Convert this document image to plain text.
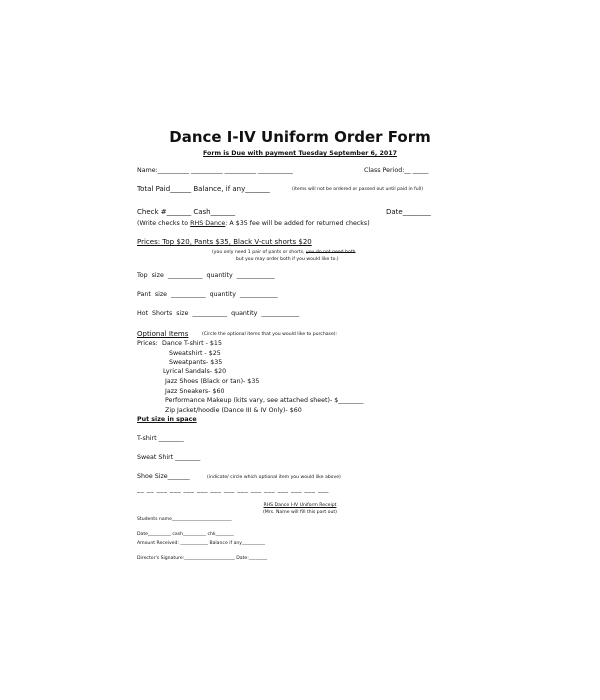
Dance I-IV Uniform Order Form
Form is Due with payment Tuesday September 6, 2017
Name:__________ __________ __________ ___________	Class Period:__ _____
Total Paid______ Balance, if any_______	(items will not be ordered or passed out until paid in full)
Check #_______ Cash_______	Date________
(Write checks to RHS Dance: A $35 fee will be added for returned checks)
Prices: Top $20, Pants $35, Black V-cut shorts $20
(you only need 1 pair of pants or shorts, you do not need both
but you may order both if you would like to.)
Top size ___________ quantity ____________
Pant size ___________ quantity ____________
Hot Shorts size ___________ quantity ____________
Optional Items	(Circle the optional items that you would like to purchase):
Prices: Dance T-shirt - $15
Sweatshirt - $25
Sweatpants- $35
Lyrical Sandals- $20
Jazz Shoes (Black or tan)- $35
Jazz Sneakers- $60
Performance Makeup (kits vary, see attached sheet)- $________
Zip Jacket/hoodie (Dance III & IV Only)- $60
Put size in space
T-shirt ________
Sweat Shirt ________
Shoe Size_______	(indicate/ circle which optional item you would like above)
__ __ ___ ___ ___ ___ ___ ___ ___ ___ ___ ___ ___ ___ ___
RHS Dance I-IV Uniform Receipt
(Mrs. Name will fill this part out)
Students name__________________________
Date__________ cash__________ chk________
Amount Received: ____________ Balance if any__________
Director's Signature:______________________ Date:________
